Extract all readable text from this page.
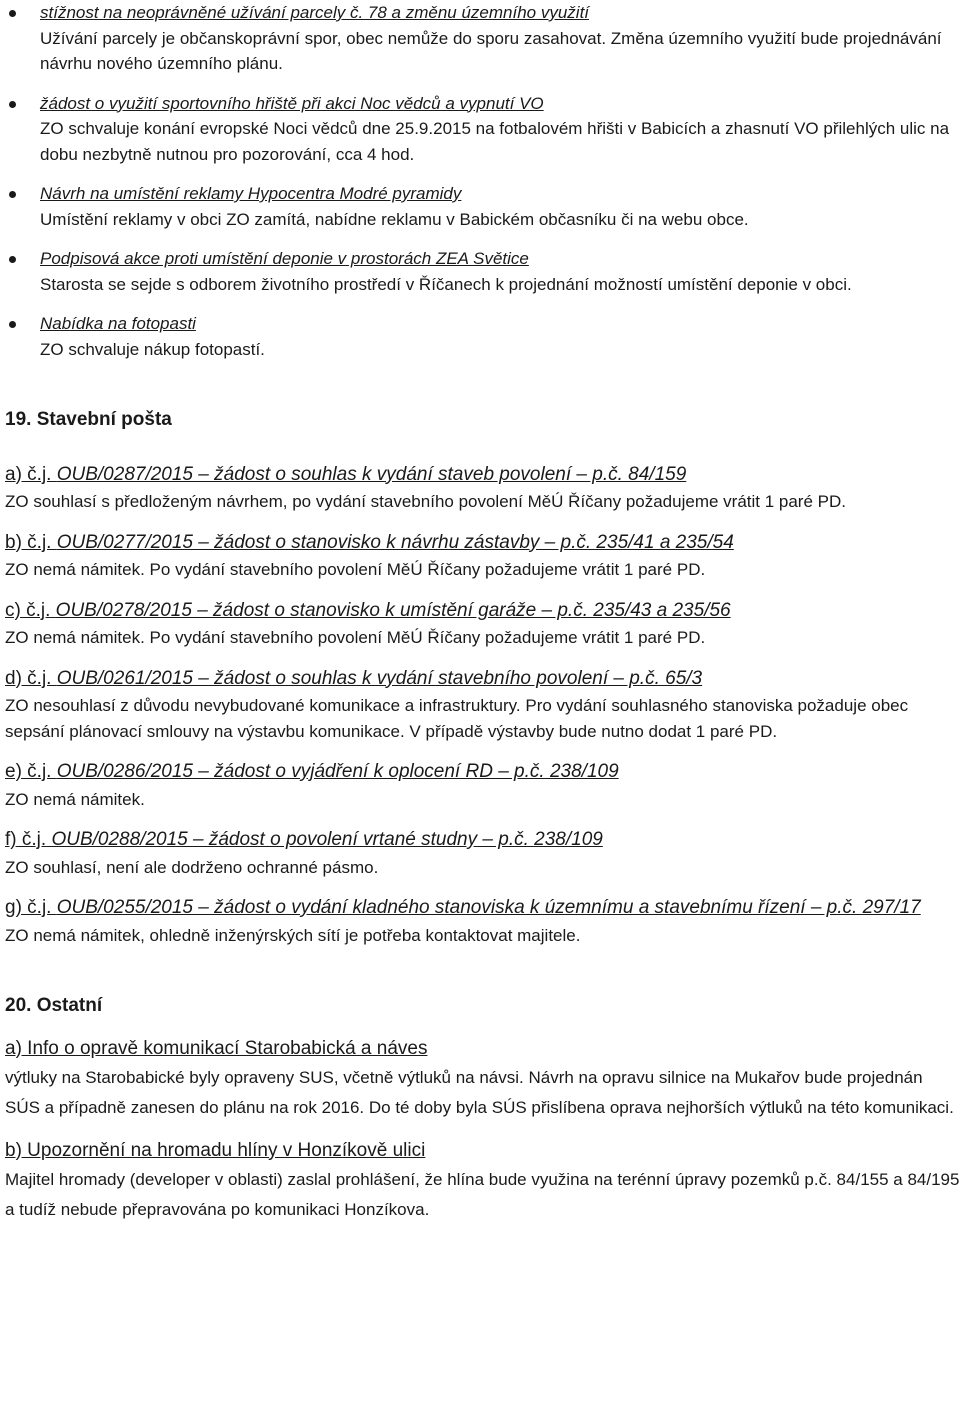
stížnost na neoprávněné užívání parcely č. 78 a změnu územního využití
Užívání parcely je občanskoprávní spor, obec nemůže do sporu zasahovat. Změna územního využití bude projednávání návrhu nového územního plánu.
žádost o využití sportovního hřiště při akci Noc vědců a vypnutí VO
ZO schvaluje konání evropské Noci vědců dne 25.9.2015 na fotbalovém hřišti v Babicích a zhasnutí VO přilehlých ulic na dobu nezbytně nutnou pro pozorování, cca 4 hod.
Návrh na umístění reklamy Hypocentra Modré pyramidy
Umístění reklamy v obci ZO zamítá, nabídne reklamu v Babickém občasníku či na webu obce.
Podpisová akce proti umístění deponie v prostorách ZEA Světice
Starosta se sejde s odborem životního prostředí v Říčanech k projednání možností umístění deponie v obci.
Nabídka na fotopasti
ZO schvaluje nákup fotopastí.
19. Stavební pošta
a) č.j. OUB/0287/2015 – žádost o souhlas k vydání staveb povolení – p.č. 84/159
ZO souhlasí s předloženým návrhem, po vydání stavebního povolení MěÚ Říčany požadujeme vrátit 1 paré PD.
b) č.j. OUB/0277/2015 – žádost o stanovisko k návrhu zástavby – p.č. 235/41 a 235/54
ZO nemá námitek. Po vydání stavebního povolení MěÚ Říčany požadujeme vrátit 1 paré PD.
c) č.j. OUB/0278/2015 – žádost o stanovisko k umístění garáže – p.č. 235/43 a 235/56
ZO nemá námitek. Po vydání stavebního povolení MěÚ Říčany požadujeme vrátit 1 paré PD.
d) č.j. OUB/0261/2015 – žádost o souhlas k vydání stavebního povolení – p.č. 65/3
ZO nesouhlasí z důvodu nevybudované komunikace a infrastruktury. Pro vydání souhlasného stanoviska požaduje obec sepsání plánovací smlouvy na výstavbu komunikace. V případě výstavby bude nutno dodat 1 paré PD.
e) č.j. OUB/0286/2015 – žádost o vyjádření k oplocení RD – p.č. 238/109
ZO nemá námitek.
f) č.j. OUB/0288/2015 – žádost o povolení vrtané studny – p.č. 238/109
ZO souhlasí, není ale dodrženo ochranné pásmo.
g) č.j. OUB/0255/2015 – žádost o vydání kladného stanoviska k územnímu a stavebnímu řízení – p.č. 297/17
ZO nemá námitek, ohledně inženýrských sítí je potřeba kontaktovat majitele.
20. Ostatní
a) Info o opravě komunikací Starobabická a náves
výtluky na Starobabické byly opraveny SUS, včetně výtluků na návsi. Návrh na opravu silnice na Mukařov bude projednán SÚS a případně zanesen do plánu na rok 2016. Do té doby byla SÚS přislíbena oprava nejhorších výtluků na této komunikaci.
b) Upozornění na hromadu hlíny v Honzíkově ulici
Majitel hromady (developer v oblasti) zaslal prohlášení, že hlína bude využina na terénní úpravy pozemků p.č. 84/155 a 84/195 a tudíž nebude přepravována po komunikaci Honzíkova.
